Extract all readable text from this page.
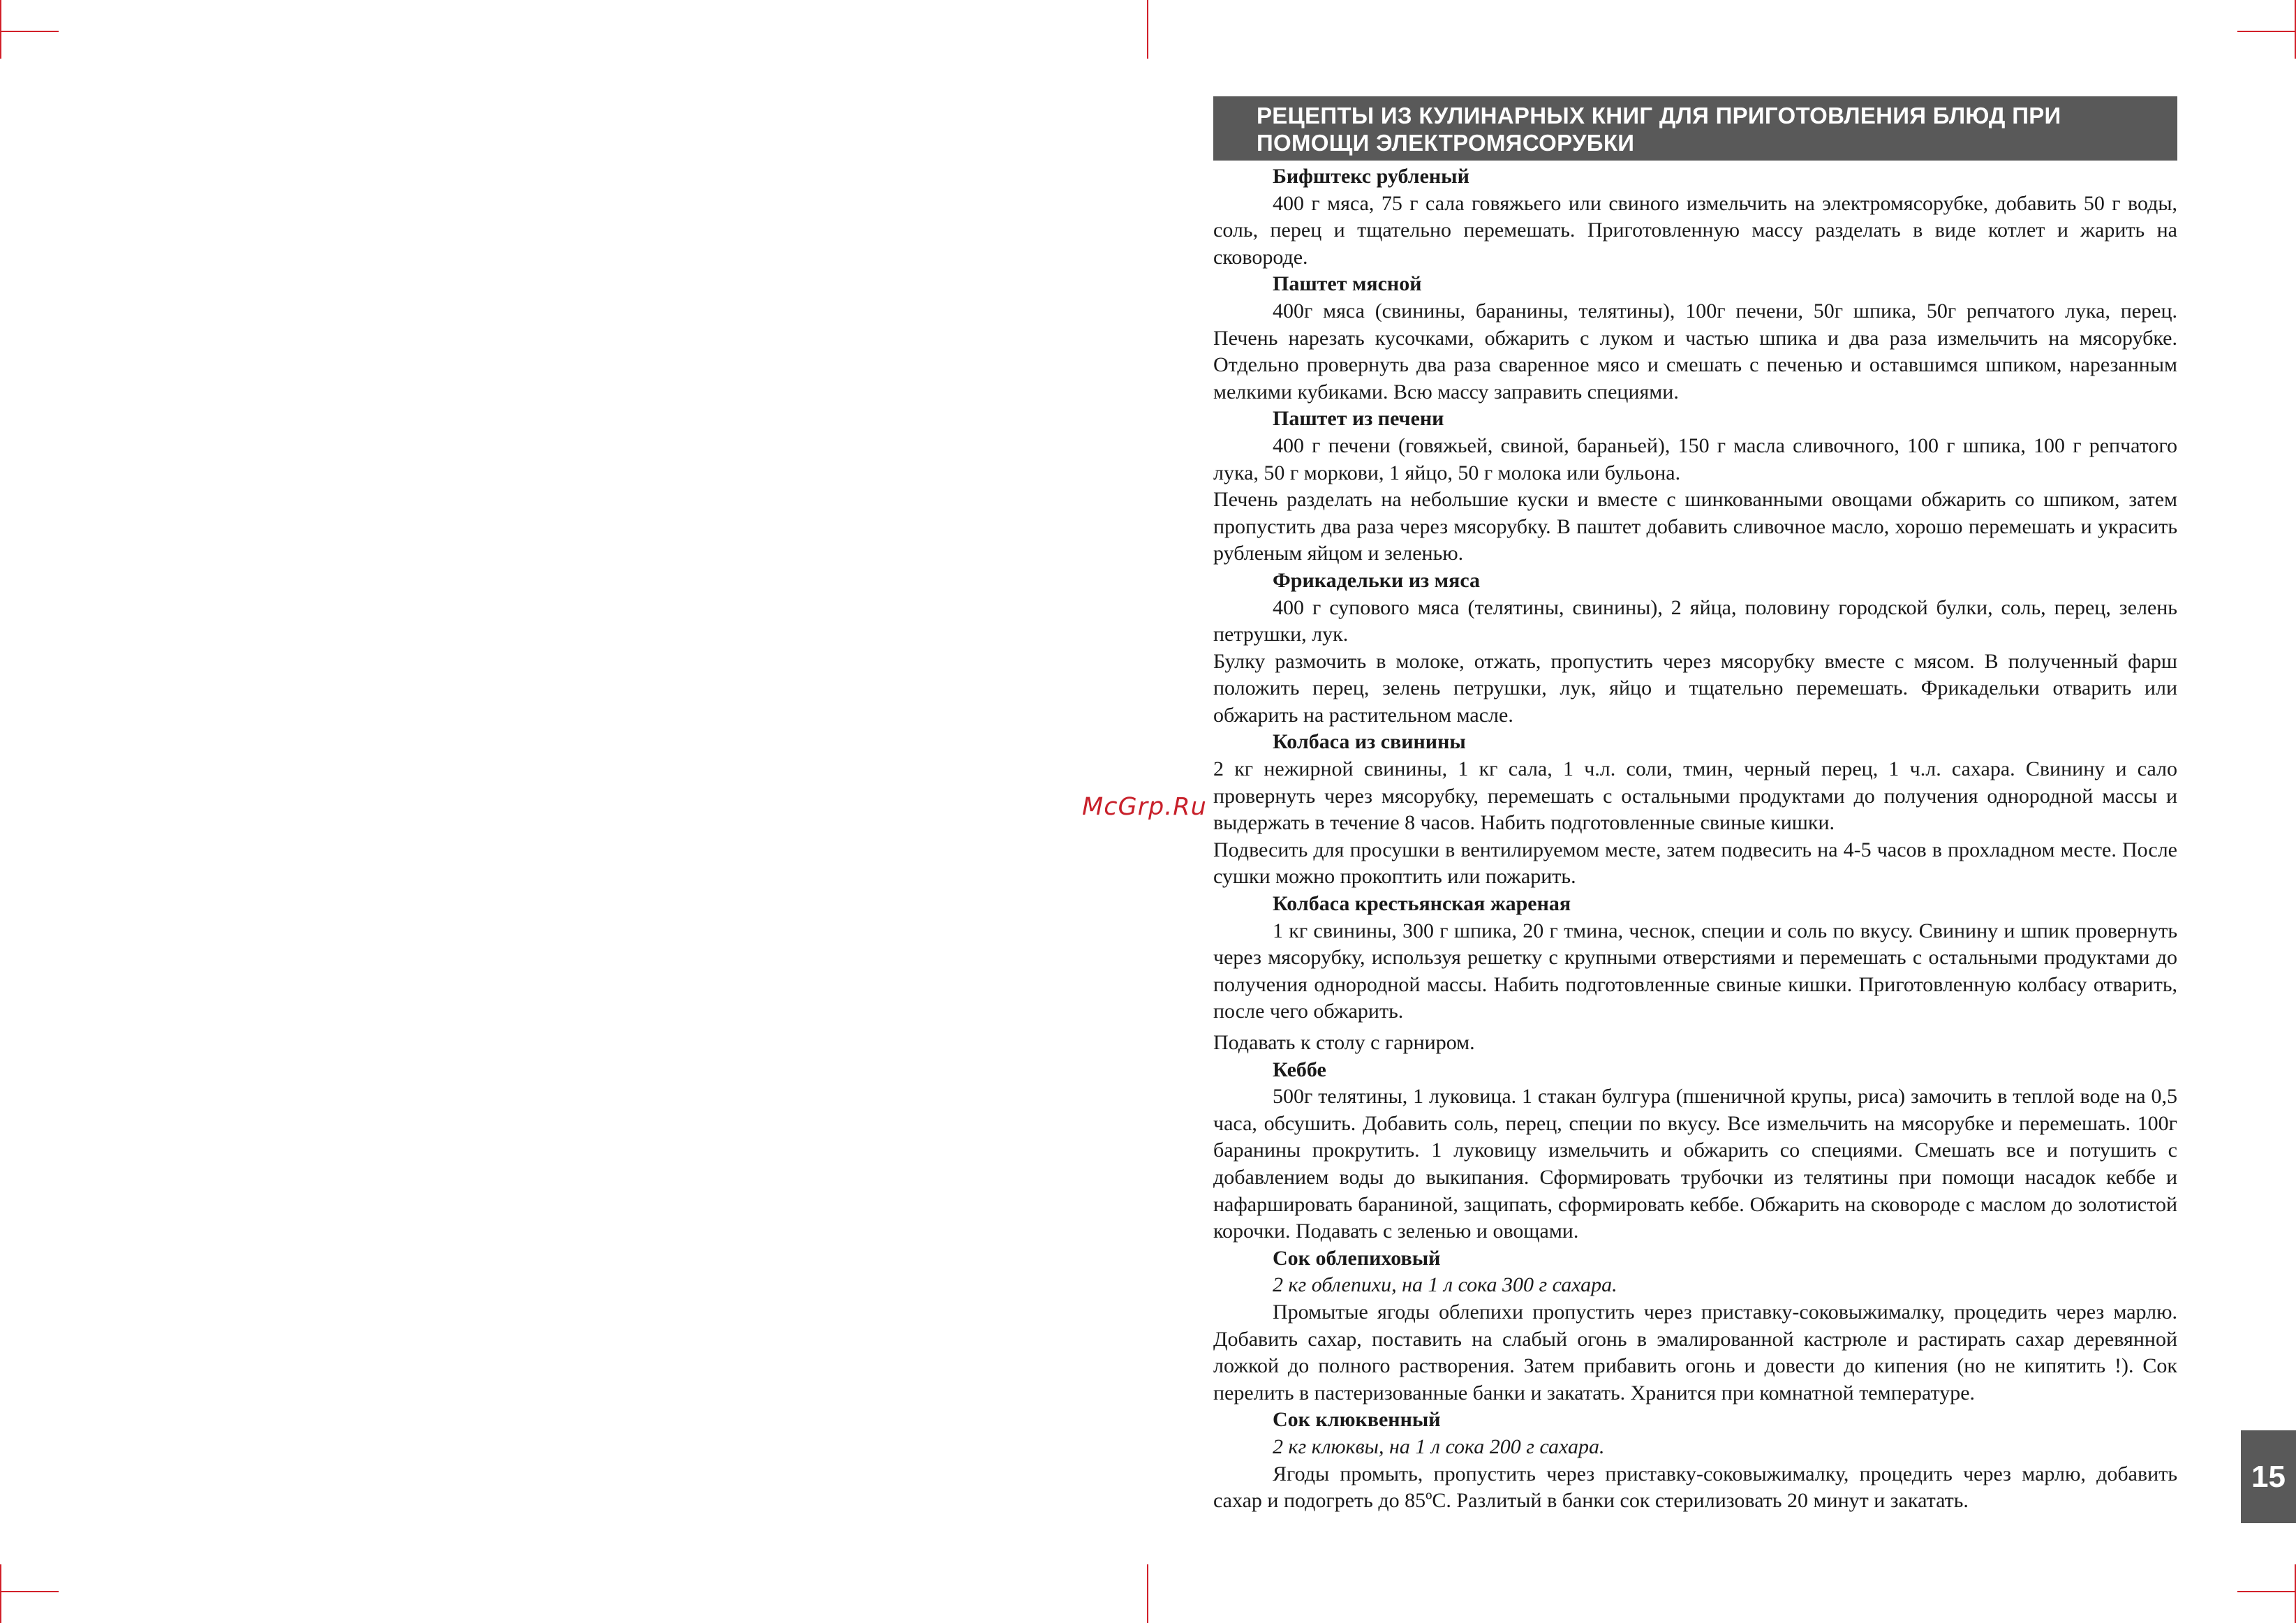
McGrp.Ru
РЕЦЕПТЫ ИЗ КУЛИНАРНЫХ КНИГ ДЛЯ ПРИГОТОВЛЕНИЯ БЛЮД ПРИ
ПОМОЩИ ЭЛЕКТРОМЯСОРУБКИ
Бифштекс рубленый
400 г мяса, 75 г сала говяжьего или свиного измельчить на электромясорубке, добавить 50 г воды, соль, перец и тщательно перемешать. Приготовленную массу разделать в виде котлет и жарить на сковороде.
Паштет мясной
400г мяса (свинины, баранины, телятины), 100г печени, 50г шпика, 50г репчатого лука, перец. Печень нарезать кусочками, обжарить с луком и частью шпика и два раза измельчить на мясорубке. Отдельно провернуть два раза сваренное мясо и смешать с печенью и оставшимся шпиком, нарезанным мелкими кубиками. Всю массу заправить специями.
Паштет из печени
400 г печени (говяжьей, свиной, бараньей), 150 г масла сливочного, 100 г шпика, 100 г репчатого лука, 50 г моркови, 1 яйцо, 50 г молока или бульона.
Печень разделать на небольшие куски и вместе с шинкованными овощами обжарить со шпиком, затем пропустить два раза через мясорубку. В паштет добавить сливочное масло, хорошо перемешать и украсить рубленым яйцом и зеленью.
Фрикадельки из мяса
400 г супового мяса (телятины, свинины), 2 яйца, половину городской булки, соль, перец, зелень петрушки, лук.
Булку размочить в молоке, отжать, пропустить через мясорубку вместе с мясом. В полученный фарш положить перец, зелень петрушки, лук, яйцо и тщательно перемешать. Фрикадельки отварить или обжарить на растительном масле.
Колбаса из свинины
2 кг нежирной свинины, 1 кг сала, 1 ч.л. соли, тмин, черный перец, 1 ч.л. сахара. Свинину и сало провернуть через мясорубку, перемешать с остальными продуктами до получения однородной массы и выдержать в течение 8 часов. Набить подготовленные свиные кишки.
Подвесить для просушки в вентилируемом месте, затем подвесить на 4-5 часов в прохладном месте. После сушки можно прокоптить или пожарить.
Колбаса крестьянская жареная
1 кг свинины, 300 г шпика, 20 г тмина, чеснок, специи и соль по вкусу. Свинину и шпик провернуть через мясорубку, используя решетку с крупными отверстиями и перемешать с остальными продуктами до получения однородной массы. Набить подготовленные свиные кишки. Приготовленную колбасу отварить, после чего обжарить.
Подавать к столу с гарниром.
Кеббе
500г телятины, 1 луковица. 1 стакан булгура (пшеничной крупы, риса) замочить в теплой воде на 0,5 часа, обсушить. Добавить соль, перец, специи по вкусу. Все измельчить на мясорубке и перемешать. 100г баранины прокрутить. 1 луковицу измельчить и обжарить со специями. Смешать все и потушить с добавлением воды до выкипания. Сформировать трубочки из телятины при помощи насадок кеббе и нафаршировать бараниной, защипать, сформировать кеббе. Обжарить на сковороде с маслом до золотистой корочки. Подавать с зеленью и овощами.
Сок облепиховый
2 кг облепихи, на 1 л сока 300 г сахара.
Промытые ягоды облепихи пропустить через приставку-соковыжималку, процедить через марлю. Добавить сахар, поставить на слабый огонь в эмалированной кастрюле и растирать сахар деревянной ложкой до полного растворения. Затем прибавить огонь и довести до кипения (но не кипятить !). Сок перелить в пастеризованные банки и закатать. Хранится при комнатной температуре.
Сок клюквенный
2 кг клюквы, на 1 л сока 200 г сахара.
Ягоды промыть, пропустить через приставку-соковыжималку, процедить через марлю, добавить сахар и подогреть до 85ºС. Разлитый в банки сок стерилизовать 20 минут и закатать.
15
